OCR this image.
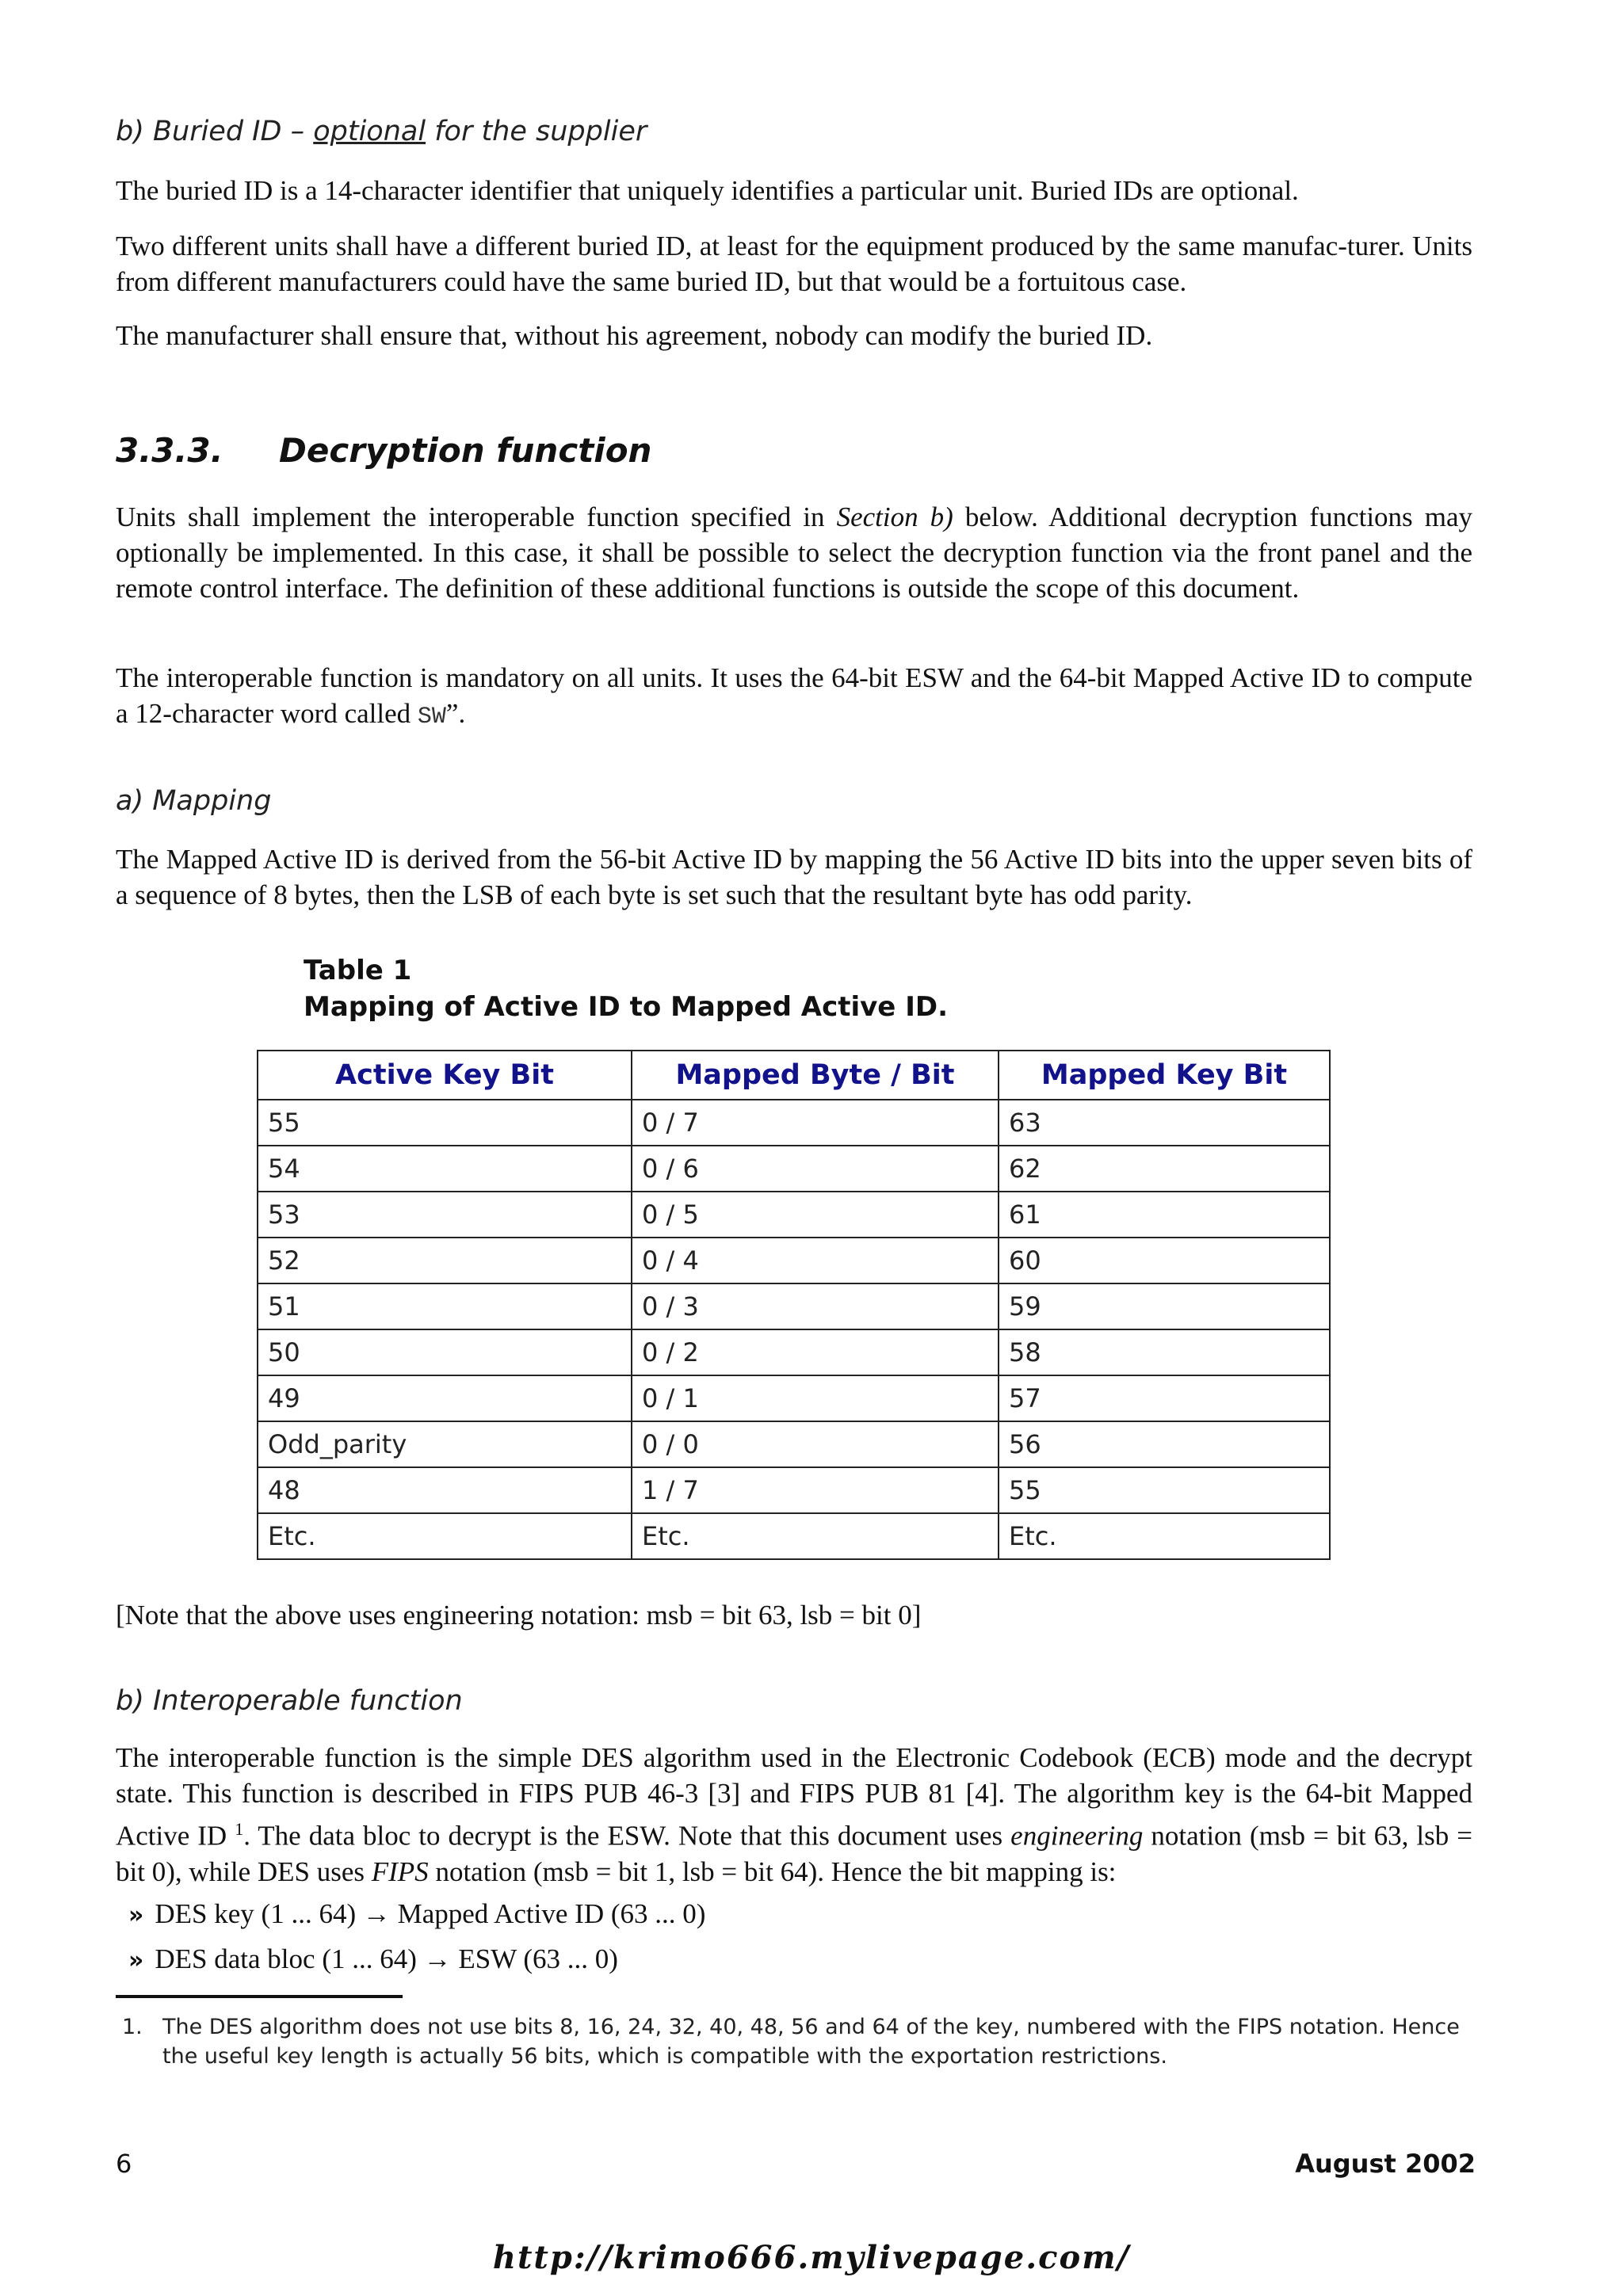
b) Buried ID – optional for the supplier

The buried ID is a 14-character identifier that uniquely identifies a particular unit. Buried IDs are optional.

Two different units shall have a different buried ID, at least for the equipment produced by the same manufac-turer. Units from different manufacturers could have the same buried ID, but that would be a fortuitous case.

The manufacturer shall ensure that, without his agreement, nobody can modify the buried ID.

3.3.3. Decryption function

Units shall implement the interoperable function specified in Section b) below. Additional decryption functions may optionally be implemented. In this case, it shall be possible to select the decryption function via the front panel and the remote control interface. The definition of these additional functions is outside the scope of this document.

The interoperable function is mandatory on all units. It uses the 64-bit ESW and the 64-bit Mapped Active ID to compute a 12-character word called SW”.

a) Mapping

The Mapped Active ID is derived from the 56-bit Active ID by mapping the 56 Active ID bits into the upper seven bits of a sequence of 8 bytes, then the LSB of each byte is set such that the resultant byte has odd parity.

Table 1
Mapping of Active ID to Mapped Active ID.
Active Key Bit	Mapped Byte / Bit	Mapped Key Bit
55	0 / 7	63
54	0 / 6	62
53	0 / 5	61
52	0 / 4	60
51	0 / 3	59
50	0 / 2	58
49	0 / 1	57
Odd_parity	0 / 0	56
48	1 / 7	55
Etc.	Etc.	Etc.

[Note that the above uses engineering notation: msb = bit 63, lsb = bit 0]

b) Interoperable function

The interoperable function is the simple DES algorithm used in the Electronic Codebook (ECB) mode and the decrypt state. This function is described in FIPS PUB 46-3 [3] and FIPS PUB 81 [4]. The algorithm key is the 64-bit Mapped Active ID $^1$. The data bloc to decrypt is the ESW. Note that this document uses engineering notation (msb = bit 63, lsb = bit 0), while DES uses FIPS notation (msb = bit 1, lsb = bit 64). Hence the bit mapping is:

» DES key (1 ... 64) → Mapped Active ID (63 ... 0)
» DES data bloc (1 ... 64) → ESW (63 ... 0)
1. The DES algorithm does not use bits 8, 16, 24, 32, 40, 48, 56 and 64 of the key, numbered with the FIPS notation. Hence the useful key length is actually 56 bits, which is compatible with the exportation restrictions.
6	August 2002
http://krimo666.mylivepage.com/
